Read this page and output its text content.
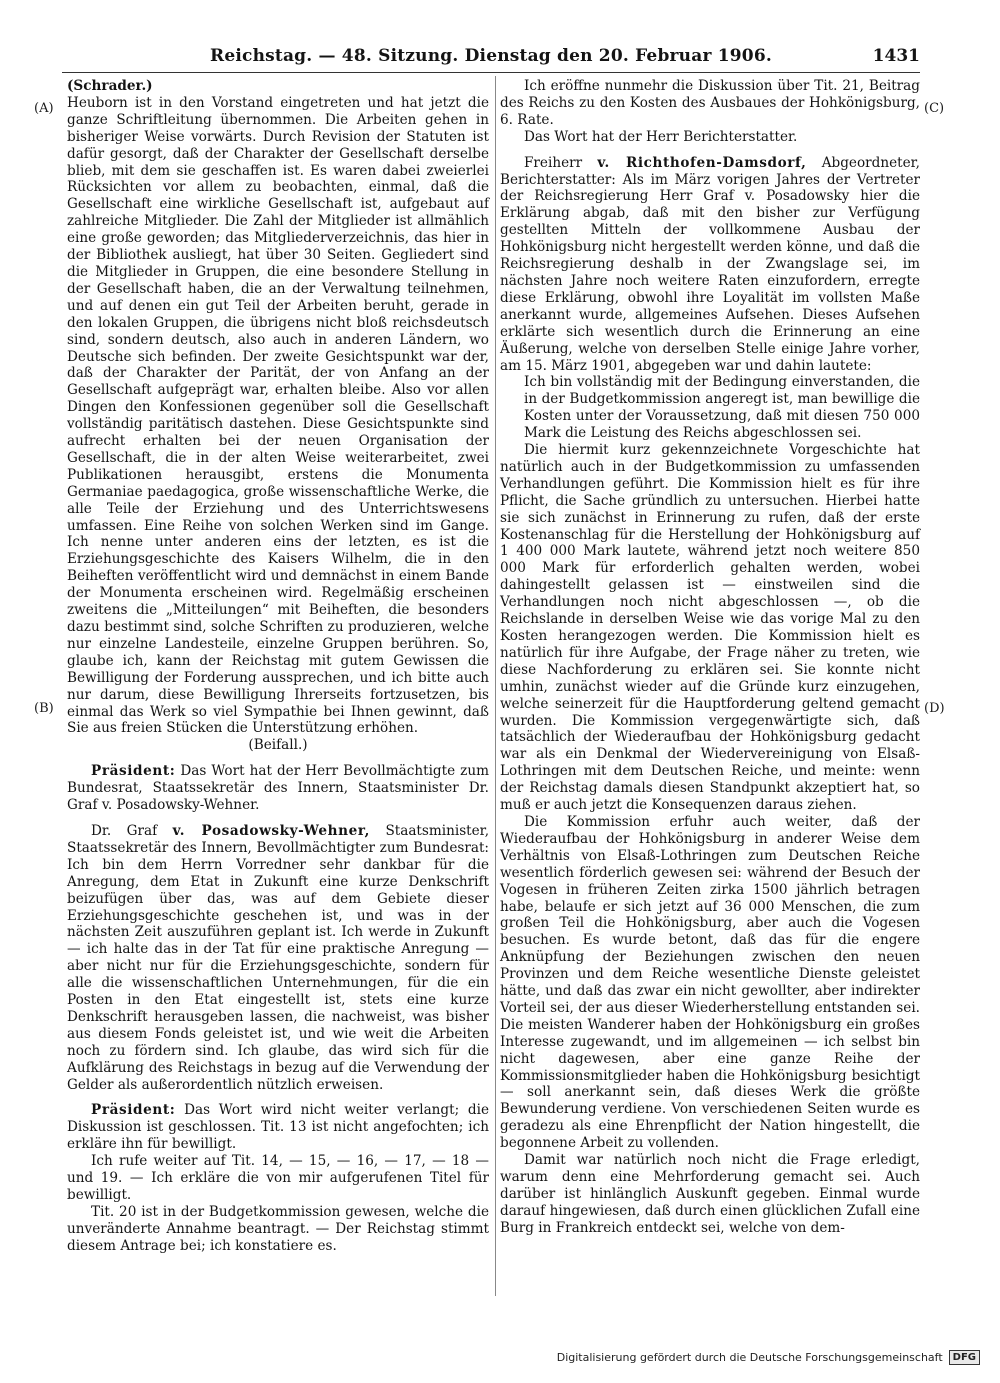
Reichstag. — 48. Sitzung. Dienstag den 20. Februar 1906.	1431
(A)
(B)
(C)
(D)

(Schrader.)

Heuborn ist in den Vorstand eingetreten und hat jetzt die ganze Schriftleitung übernommen. Die Arbeiten gehen in bisheriger Weise vorwärts. Durch Revision der Statuten ist dafür gesorgt, daß der Charakter der Gesellschaft derselbe blieb, mit dem sie geschaffen ist. Es waren dabei zweierlei Rücksichten vor allem zu beobachten, einmal, daß die Gesellschaft eine wirkliche Gesellschaft ist, aufgebaut auf zahlreiche Mitglieder. Die Zahl der Mitglieder ist allmählich eine große geworden; das Mitgliederverzeichnis, das hier in der Bibliothek ausliegt, hat über 30 Seiten. Gegliedert sind die Mitglieder in Gruppen, die eine besondere Stellung in der Gesellschaft haben, die an der Verwaltung teilnehmen, und auf denen ein gut Teil der Arbeiten beruht, gerade in den lokalen Gruppen, die übrigens nicht bloß reichsdeutsch sind, sondern deutsch, also auch in anderen Ländern, wo Deutsche sich befinden. Der zweite Gesichtspunkt war der, daß der Charakter der Parität, der von Anfang an der Gesellschaft aufgeprägt war, erhalten bleibe. Also vor allen Dingen den Konfessionen gegenüber soll die Gesellschaft vollständig paritätisch dastehen. Diese Gesichtspunkte sind aufrecht erhalten bei der neuen Organisation der Gesellschaft, die in der alten Weise weiterarbeitet, zwei Publikationen herausgibt, erstens die Monumenta Germaniae paedagogica, große wissenschaftliche Werke, die alle Teile der Erziehung und des Unterrichtswesens umfassen. Eine Reihe von solchen Werken sind im Gange. Ich nenne unter anderen eins der letzten, es ist die Erziehungsgeschichte des Kaisers Wilhelm, die in den Beiheften veröffentlicht wird und demnächst in einem Bande der Monumenta erscheinen wird. Regelmäßig erscheinen zweitens die „Mitteilungen“ mit Beiheften, die besonders dazu bestimmt sind, solche Schriften zu produzieren, welche nur einzelne Landesteile, einzelne Gruppen berühren. So, glaube ich, kann der Reichstag mit gutem Gewissen die Bewilligung der Forderung aussprechen, und ich bitte auch nur darum, diese Bewilligung Ihrerseits fortzusetzen, bis einmal das Werk so viel Sympathie bei Ihnen gewinnt, daß Sie aus freien Stücken die Unterstützung erhöhen.

(Beifall.)

Präsident: Das Wort hat der Herr Bevollmächtigte zum Bundesrat, Staatssekretär des Innern, Staatsminister Dr. Graf v. Posadowsky-Wehner.

Dr. Graf v. Posadowsky-Wehner, Staatsminister, Staatssekretär des Innern, Bevollmächtigter zum Bundesrat: Ich bin dem Herrn Vorredner sehr dankbar für die Anregung, dem Etat in Zukunft eine kurze Denkschrift beizufügen über das, was auf dem Gebiete dieser Erziehungsgeschichte geschehen ist, und was in der nächsten Zeit auszuführen geplant ist. Ich werde in Zukunft — ich halte das in der Tat für eine praktische Anregung — aber nicht nur für die Erziehungsgeschichte, sondern für alle die wissenschaftlichen Unternehmungen, für die ein Posten in den Etat eingestellt ist, stets eine kurze Denkschrift herausgeben lassen, die nachweist, was bisher aus diesem Fonds geleistet ist, und wie weit die Arbeiten noch zu fördern sind. Ich glaube, das wird sich für die Aufklärung des Reichstags in bezug auf die Verwendung der Gelder als außerordentlich nützlich erweisen.

Präsident: Das Wort wird nicht weiter verlangt; die Diskussion ist geschlossen. Tit. 13 ist nicht angefochten; ich erkläre ihn für bewilligt.

Ich rufe weiter auf Tit. 14, — 15, — 16, — 17, — 18 — und 19. — Ich erkläre die von mir aufgerufenen Titel für bewilligt.

Tit. 20 ist in der Budgetkommission gewesen, welche die unveränderte Annahme beantragt. — Der Reichstag stimmt diesem Antrage bei; ich konstatiere es.

Ich eröffne nunmehr die Diskussion über Tit. 21, Beitrag des Reichs zu den Kosten des Ausbaues der Hohkönigsburg, 6. Rate.

Das Wort hat der Herr Berichterstatter.

Freiherr v. Richthofen-Damsdorf, Abgeordneter, Berichterstatter: Als im März vorigen Jahres der Vertreter der Reichsregierung Herr Graf v. Posadowsky hier die Erklärung abgab, daß mit den bisher zur Verfügung gestellten Mitteln der vollkommene Ausbau der Hohkönigsburg nicht hergestellt werden könne, und daß die Reichsregierung deshalb in der Zwangslage sei, im nächsten Jahre noch weitere Raten einzufordern, erregte diese Erklärung, obwohl ihre Loyalität im vollsten Maße anerkannt wurde, allgemeines Aufsehen. Dieses Aufsehen erklärte sich wesentlich durch die Erinnerung an eine Äußerung, welche von derselben Stelle einige Jahre vorher, am 15. März 1901, abgegeben war und dahin lautete:

Ich bin vollständig mit der Bedingung einverstanden, die in der Budgetkommission angeregt ist, man bewillige die Kosten unter der Voraussetzung, daß mit diesen 750 000 Mark die Leistung des Reichs abgeschlossen sei.

Die hiermit kurz gekennzeichnete Vorgeschichte hat natürlich auch in der Budgetkommission zu umfassenden Verhandlungen geführt. Die Kommission hielt es für ihre Pflicht, die Sache gründlich zu untersuchen. Hierbei hatte sie sich zunächst in Erinnerung zu rufen, daß der erste Kostenanschlag für die Herstellung der Hohkönigsburg auf 1 400 000 Mark lautete, während jetzt noch weitere 850 000 Mark für erforderlich gehalten werden, wobei dahingestellt gelassen ist — einstweilen sind die Verhandlungen noch nicht abgeschlossen —, ob die Reichslande in derselben Weise wie das vorige Mal zu den Kosten herangezogen werden. Die Kommission hielt es natürlich für ihre Aufgabe, der Frage näher zu treten, wie diese Nachforderung zu erklären sei. Sie konnte nicht umhin, zunächst wieder auf die Gründe kurz einzugehen, welche seinerzeit für die Hauptforderung geltend gemacht wurden. Die Kommission vergegenwärtigte sich, daß tatsächlich der Wiederaufbau der Hohkönigsburg gedacht war als ein Denkmal der Wiedervereinigung von Elsaß-Lothringen mit dem Deutschen Reiche, und meinte: wenn der Reichstag damals diesen Standpunkt akzeptiert hat, so muß er auch jetzt die Konsequenzen daraus ziehen.

Die Kommission erfuhr auch weiter, daß der Wiederaufbau der Hohkönigsburg in anderer Weise dem Verhältnis von Elsaß-Lothringen zum Deutschen Reiche wesentlich förderlich gewesen sei: während der Besuch der Vogesen in früheren Zeiten zirka 1500 jährlich betragen habe, belaufe er sich jetzt auf 36 000 Menschen, die zum großen Teil die Hohkönigsburg, aber auch die Vogesen besuchen. Es wurde betont, daß das für die engere Anknüpfung der Beziehungen zwischen den neuen Provinzen und dem Reiche wesentliche Dienste geleistet hätte, und daß das zwar ein nicht gewollter, aber indirekter Vorteil sei, der aus dieser Wiederherstellung entstanden sei. Die meisten Wanderer haben der Hohkönigsburg ein großes Interesse zugewandt, und im allgemeinen — ich selbst bin nicht dagewesen, aber eine ganze Reihe der Kommissionsmitglieder haben die Hohkönigsburg besichtigt — soll anerkannt sein, daß dieses Werk die größte Bewunderung verdiene. Von verschiedenen Seiten wurde es geradezu als eine Ehrenpflicht der Nation hingestellt, die begonnene Arbeit zu vollenden.

Damit war natürlich noch nicht die Frage erledigt, warum denn eine Mehrforderung gemacht sei. Auch darüber ist hinlänglich Auskunft gegeben. Einmal wurde darauf hingewiesen, daß durch einen glücklichen Zufall eine Burg in Frankreich entdeckt sei, welche von dem-

Digitalisierung gefördert durch die Deutsche Forschungsgemeinschaft	DFG
